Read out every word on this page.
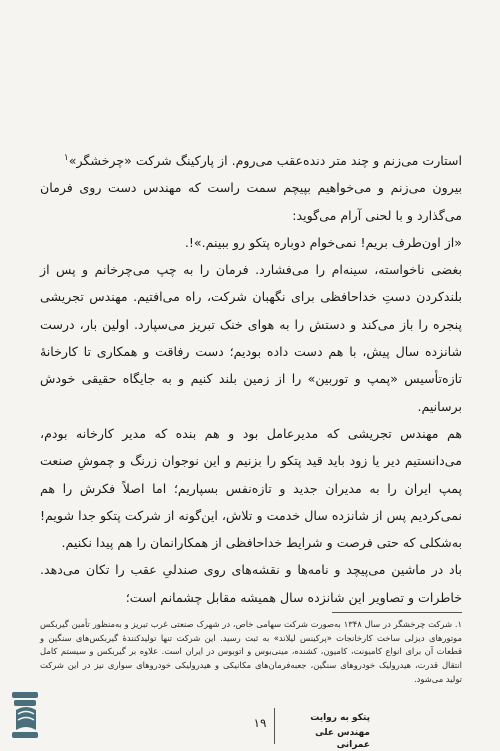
استارت می‌زنم و چند متر دنده‌عقب می‌روم. از پارکینگ شرکت «چرخشگر»$^۱$

بیرون می‌زنم و می‌خواهیم بپیچم سمت راست که مهندس دست روی فرمان می‌گذارد و با لحنی آرام می‌گوید:

«از اون‌طرف بریم! نمی‌خوام دوباره پتکو رو ببینم.»!.

بغضی ناخواسته، سینه‌ام را می‌فشارد. فرمان را به چپ می‌چرخانم و پس از بلندکردن دستِ خداحافظی برای نگهبان شرکت، راه می‌افتیم. مهندس تجریشی پنجره را باز می‌کند و دستش را به هوای خنک تبریز می‌سپارد. اولین بار، درست شانزده سال پیش، با هم دست داده بودیم؛ دست رفاقت و همکاری تا کارخانهٔ تازه‌تأسیس «پمپ و توربین» را از زمین بلند کنیم و به جایگاه حقیقی خودش برسانیم.

هم مهندس تجریشی که مدیرعامل بود و هم بنده که مدیر کارخانه بودم، می‌دانستیم دیر یا زود باید قید پتکو را بزنیم و این نوجوان زرنگ و چموشِ صنعت پمپ ایران را به مدیران جدید و تازه‌نفس بسپاریم؛ اما اصلاً فکرش را هم نمی‌کردیم پس از شانزده سال خدمت و تلاش، این‌گونه از شرکت پتکو جدا شویم! به‌شکلی که حتی فرصت و شرایط خداحافظی از همکارانمان را هم پیدا نکنیم.

باد در ماشین می‌پیچد و نامه‌ها و نقشه‌های روی صندلیِ عقب را تکان می‌دهد. خاطرات و تصاویر این شانزده سال همیشه مقابل چشمانم است؛

۱. شرکت چرخشگر در سال ۱۳۴۸ به‌صورت شرکت سهامی خاص، در شهرک صنعتی غرب تبریز و به‌منظور تأمین گیربکس موتورهای دیزلی ساخت کارخانجات «پرکینس لیلاند» به ثبت رسید. این شرکت تنها تولیدکنندهٔ گیربکس‌های سنگین و قطعات آن برای انواع کامیونت، کامیون، کشنده، مینی‌بوس و اتوبوس در ایران است. علاوه بر گیربکس و سیستم کامل انتقال قدرت، هیدرولیک خودروهای سنگین، جعبه‌فرمان‌های مکانیکی و هیدرولیکی خودروهای سواری نیز در این شرکت تولید می‌شود.
۱۹	پتکو به روایت
مهندس علی عمرانی
